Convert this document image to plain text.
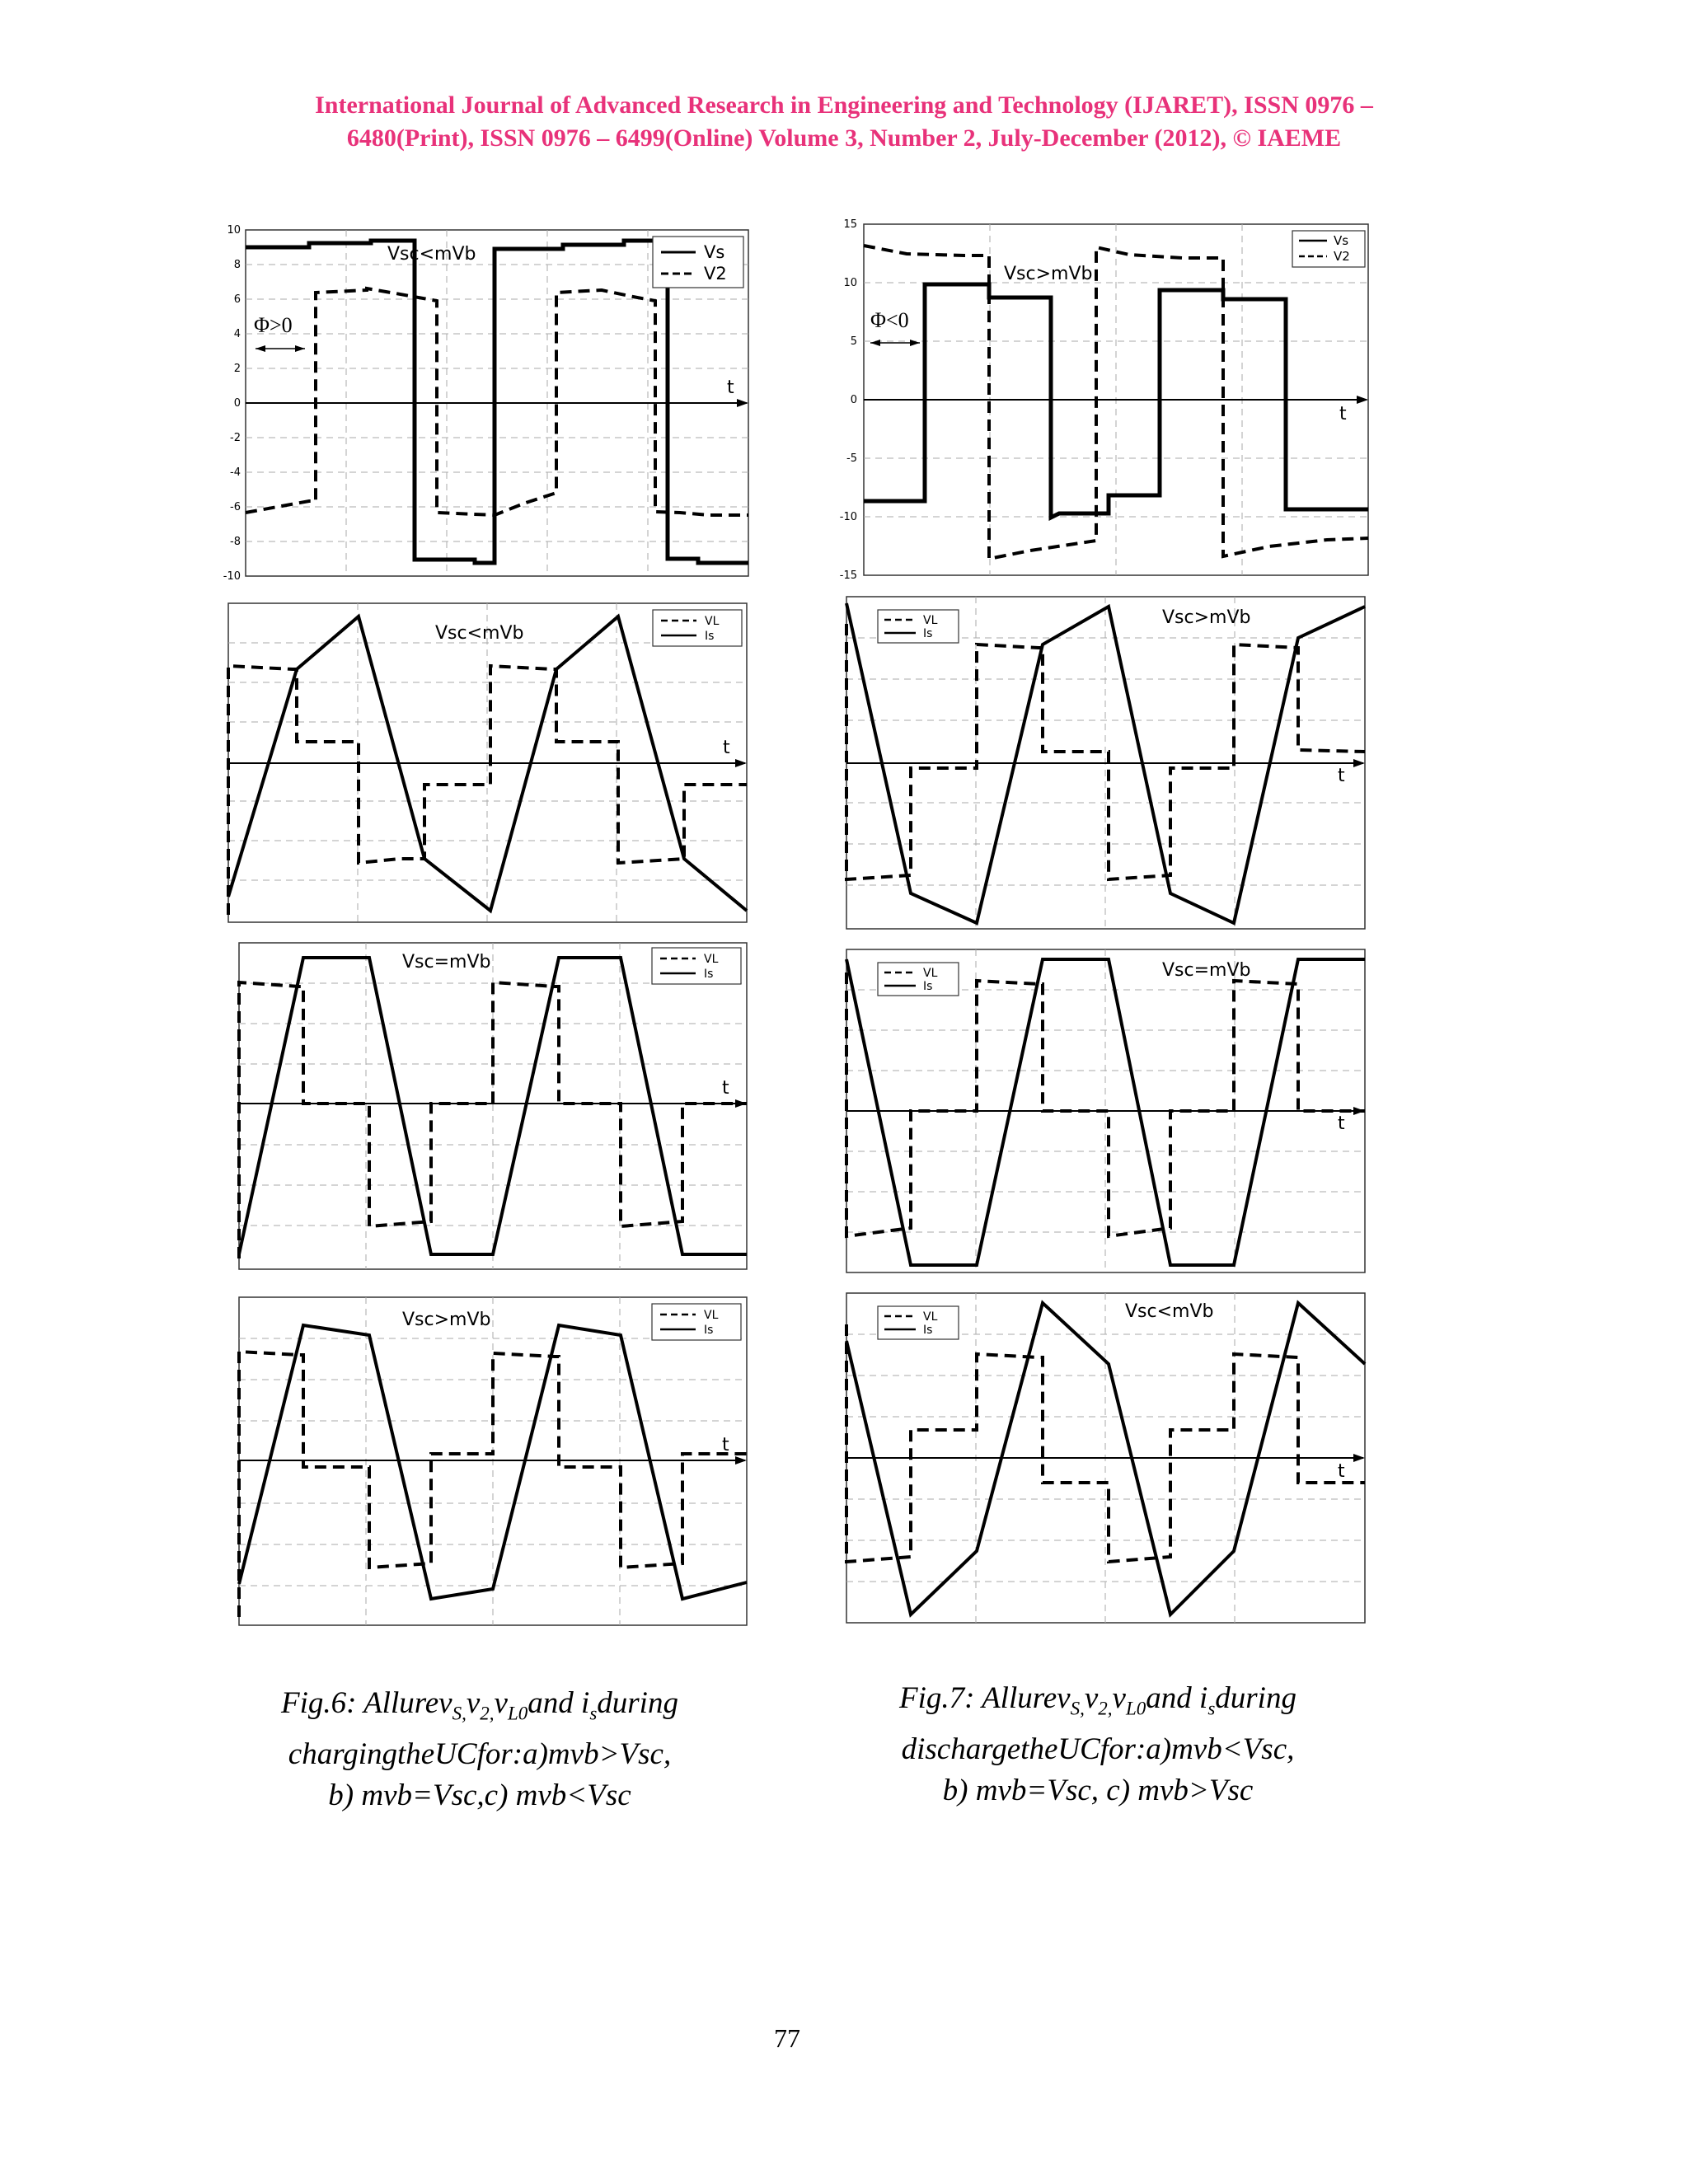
International Journal of Advanced Research in Engineering and Technology (IJARET), ISSN 0976 –
6480(Print), ISSN 0976 – 6499(Online) Volume 3, Number 2, July-December (2012), © IAEME
10
8
6
4
2
0
-2
-4
-6
-8
-10
Φ>0
Vsc<mVb
t
Vs
V2
15
10
5
0
-5
-10
-15
Φ<0
Vsc>mVb
t
Vs
V2
Vsc<mVb
t
VL
Is
Vsc>mVb
t
VL
Is
Vsc=mVb
t
VL
Is	Vsc=mVb
t
VL
Is
Vsc>mVb
t
VL
Is
Vsc<mVb
t
VL
Is
Fig.6: $Allurev_{S,}v_{2,}v_{L0}and$ $i_sduring$
chargingtheUCfor:a)mvb>Vsc,
b) mvb=Vsc,c) mvb<Vsc
Fig.7: $Allurev_{S,}v_{2,}v_{L0}and$ $i_sduring$
dischargetheUCfor:a)mvb<Vsc,
b) mvb=Vsc, c) mvb>Vsc
77
